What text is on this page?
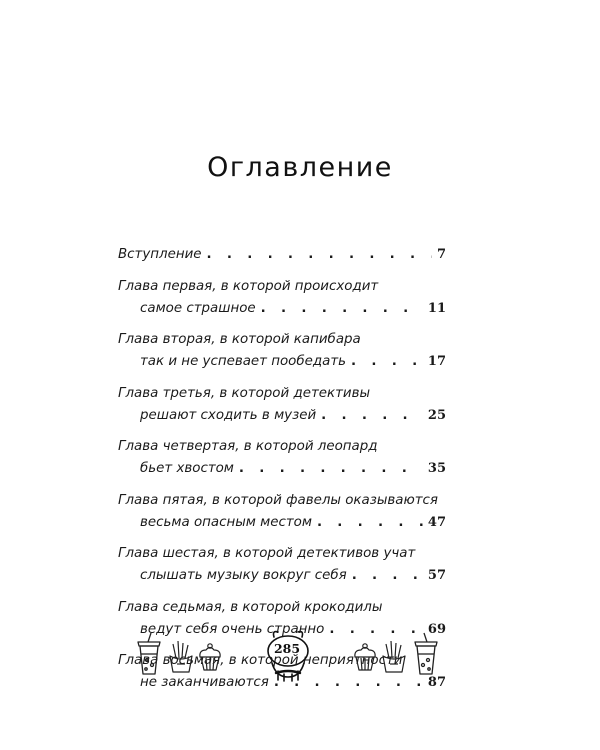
Оглавление
Вступление . . .	7
Глава первая, в которой происходит
самое страшное . . .	11
Глава вторая, в которой капибара
так и не успевает пообедать . . .	17
Глава третья, в которой детективы
решают сходить в музей . . .	25
Глава четвертая, в которой леопард
бьет хвостом . . .	35
Глава пятая, в которой фавелы оказываются
весьма опасным местом . . .	47
Глава шестая, в которой детективов учат
слышать музыку вокруг себя . . .	57
Глава седьмая, в которой крокодилы
ведут себя очень странно . . .	69
Глава восьмая, в которой неприятности
не заканчиваются . . .	87
285
